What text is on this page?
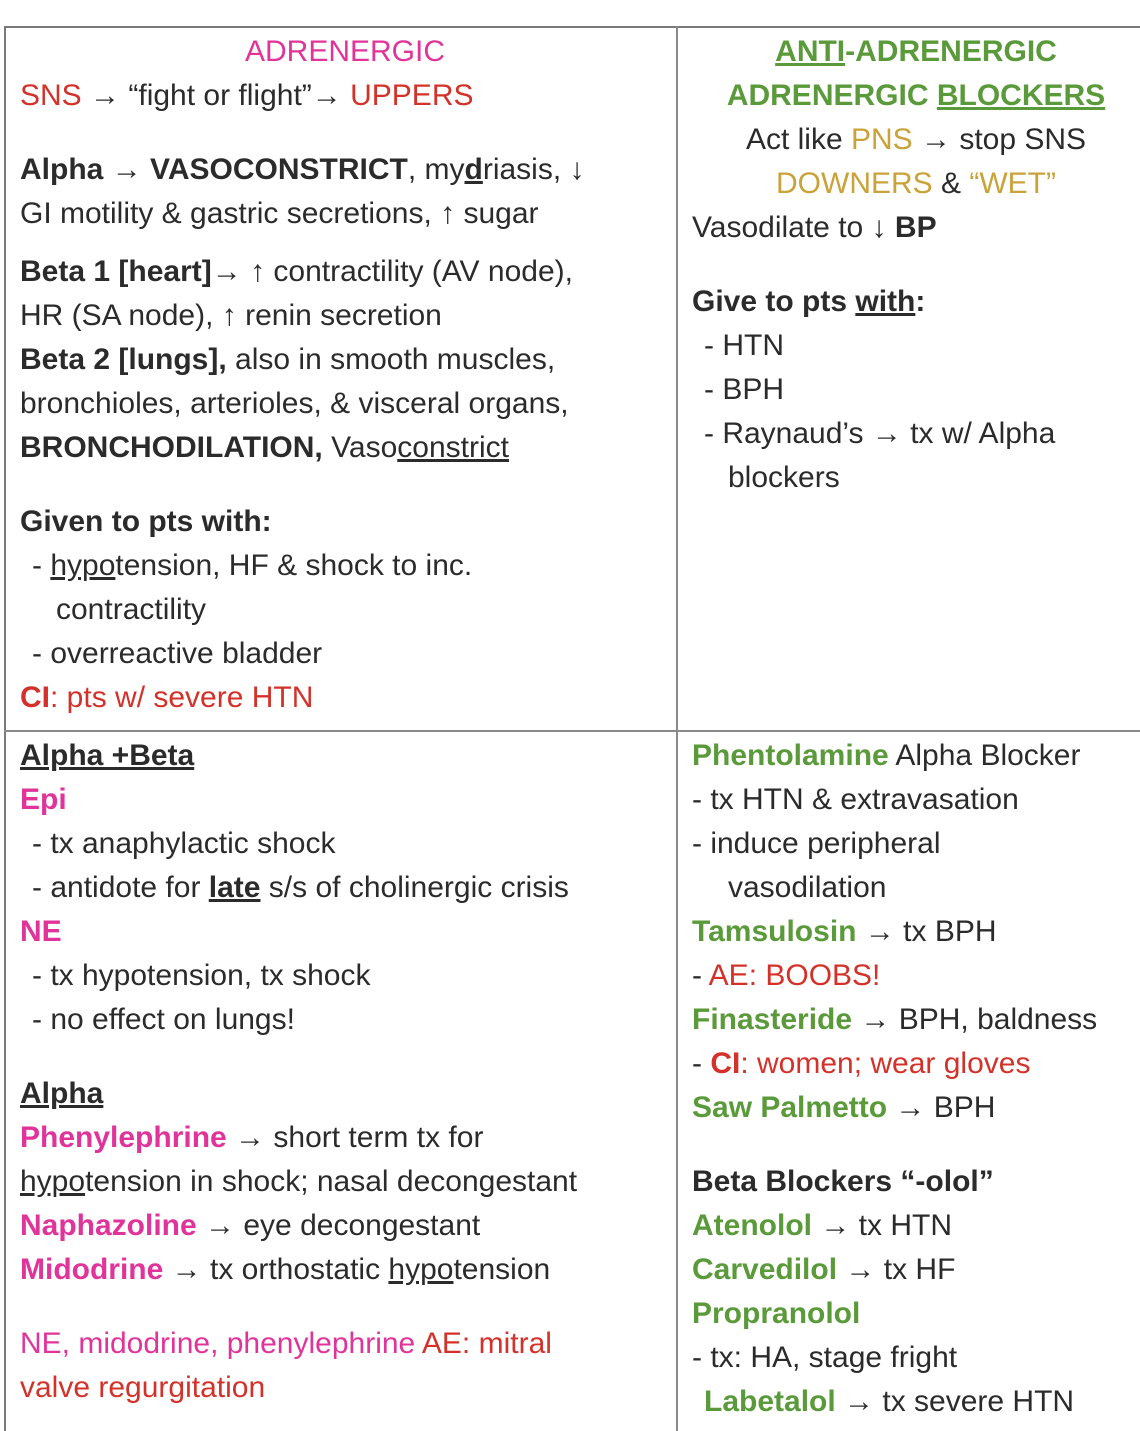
ADRENERGIC
SNS → “fight or flight”→ UPPERS
Alpha → VASOCONSTRICT, mydriasis, ↓
GI motility & gastric secretions, ↑ sugar
Beta 1 [heart]→ ↑ contractility (AV node),
HR (SA node), ↑ renin secretion
Beta 2 [lungs], also in smooth muscles,
bronchioles, arterioles, & visceral organs,
BRONCHODILATION, Vasoconstrict
Given to pts with:
- hypotension, HF & shock to inc.
contractility
- overreactive bladder
CI: pts w/ severe HTN
ANTI-ADRENERGIC
ADRENERGIC BLOCKERS
Act like PNS → stop SNS
DOWNERS & “WET”
Vasodilate to ↓ BP
Give to pts with:
- HTN
- BPH
- Raynaud’s → tx w/ Alpha
blockers
Alpha +Beta
Epi
- tx anaphylactic shock
- antidote for late s/s of cholinergic crisis
NE
- tx hypotension, tx shock
- no effect on lungs!
Alpha
Phenylephrine → short term tx for
hypotension in shock; nasal decongestant
Naphazoline → eye decongestant
Midodrine → tx orthostatic hypotension
NE, midodrine, phenylephrine AE: mitral
valve regurgitation
Phentolamine Alpha Blocker
- tx HTN & extravasation
- induce peripheral
vasodilation
Tamsulosin → tx BPH
- AE: BOOBS!
Finasteride → BPH, baldness
- CI: women; wear gloves
Saw Palmetto → BPH
Beta Blockers “-olol”
Atenolol → tx HTN
Carvedilol → tx HF
Propranolol
- tx: HA, stage fright
Labetalol → tx severe HTN
